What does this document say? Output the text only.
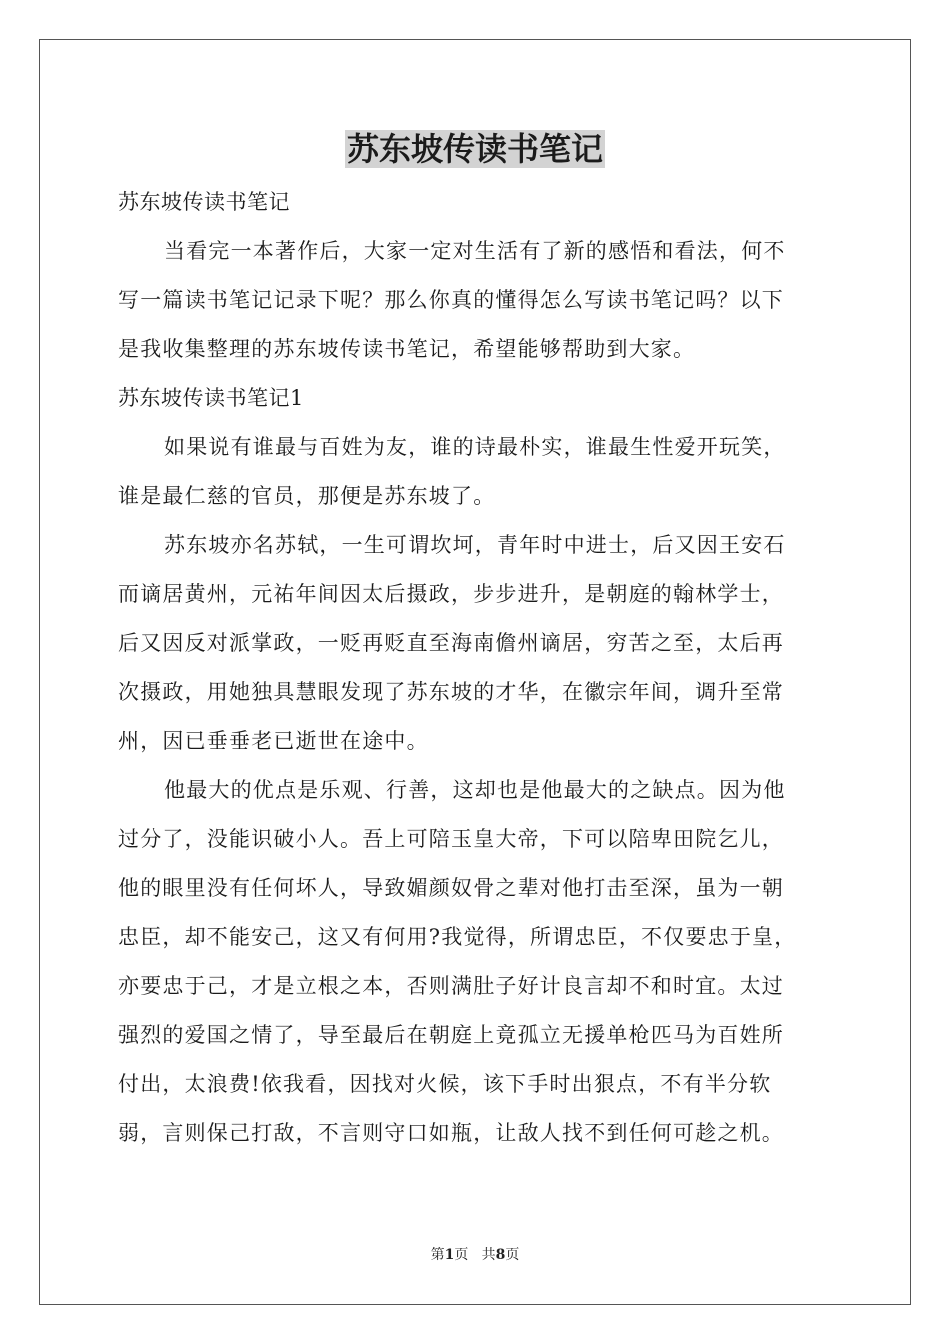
苏东坡传读书笔记
苏东坡传读书笔记
当看完一本著作后，大家一定对生活有了新的感悟和看法，何不
写一篇读书笔记记录下呢？那么你真的懂得怎么写读书笔记吗？以下
是我收集整理的苏东坡传读书笔记，希望能够帮助到大家。
苏东坡传读书笔记1
如果说有谁最与百姓为友，谁的诗最朴实，谁最生性爱开玩笑，
谁是最仁慈的官员，那便是苏东坡了。
苏东坡亦名苏轼，一生可谓坎坷，青年时中进士，后又因王安石
而谪居黄州，元祐年间因太后摄政，步步进升，是朝庭的翰林学士，
后又因反对派掌政，一贬再贬直至海南儋州谪居，穷苦之至，太后再
次摄政，用她独具慧眼发现了苏东坡的才华，在徽宗年间，调升至常
州，因已垂垂老已逝世在途中。
他最大的优点是乐观、行善，这却也是他最大的之缺点。因为他
过分了，没能识破小人。吾上可陪玉皇大帝，下可以陪卑田院乞儿，
他的眼里没有任何坏人，导致媚颜奴骨之辈对他打击至深，虽为一朝
忠臣，却不能安己，这又有何用?我觉得，所谓忠臣，不仅要忠于皇，
亦要忠于己，才是立根之本，否则满肚子好计良言却不和时宜。太过
强烈的爱国之情了，导至最后在朝庭上竟孤立无援单枪匹马为百姓所
付出，太浪费!依我看，因找对火候，该下手时出狠点，不有半分软
弱，言则保己打敌，不言则守口如瓶，让敌人找不到任何可趁之机。
第1页 共8页
